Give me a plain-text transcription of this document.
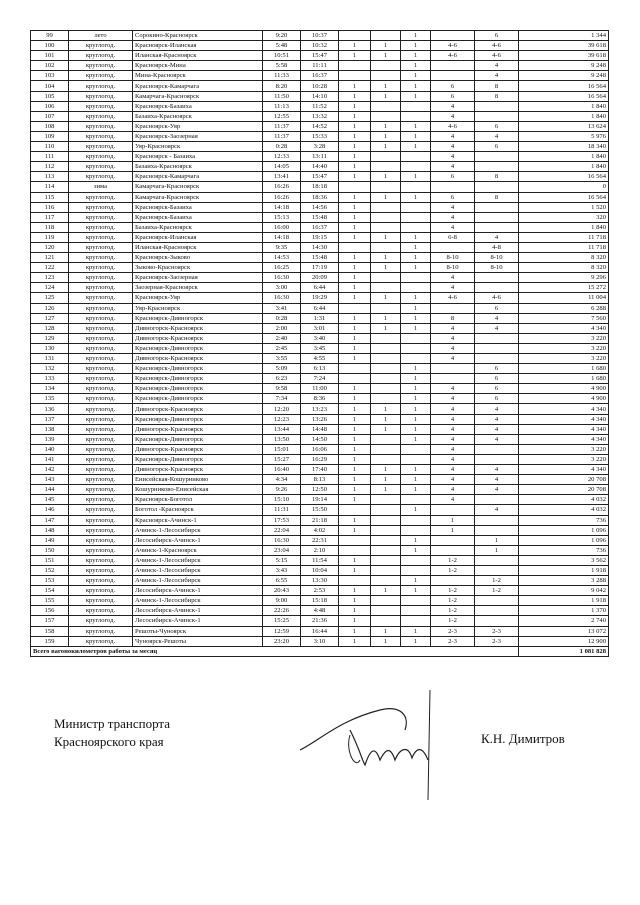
99	лето	Сорокино-Красноярск	9:20	10:37			1		6	1 344
100	круглогод.	Красноярск-Иланская	5:48	10:32	1	1	1	4-6	4-6	39 618
101	круглогод.	Иланская-Красноярск	10:51	15:47	1	1	1	4-6	4-6	39 618
102	круглогод.	Красноярск-Мина	5:58	11:11			1		4	9 248
103	круглогод.	Мина-Красноярск	11:33	16:37			1		4	9 248
104	круглогод.	Красноярск-Камарчага	8:20	10:28	1	1	1	6	8	16 564
105	круглогод.	Камарчага-Красноярск	11:50	14:10	1	1	1	6	8	16 564
106	круглогод.	Красноярск-Базаиха	11:13	11:52	1			4		1 840
107	круглогод.	Базаиха-Красноярск	12:55	13:32	1			4		1 840
108	круглогод.	Красноярск-Уяр	11:37	14:52	1	1	1	4-6	6	13 624
109	круглогод.	Красноярск-Заозерная	11:37	15:33	1	1	1	4	4	5 976
110	круглогод.	Уяр-Красноярск	0:28	3:28	1	1	1	4	6	18 340
111	круглогод.	Красноярск - Базаиха	12:33	13:11	1			4		1 840
112	круглогод.	Базаиха-Красноярск	14:05	14:40	1			4		1 840
113	круглогод.	Красноярск-Камарчага	13:41	15:47	1	1	1	6	8	16 564
114	зима	Камарчага-Красноярск	16:26	18:18						0
115	круглогод.	Камарчага-Красноярск	16:26	18:36	1	1	1	6	8	16 564
116	круглогод.	Красноярск-Базаиха	14:18	14:56	1			4		1 520
117	круглогод.	Красноярск-Базаиха	15:13	15:48	1			4		320
118	круглогод.	Базаиха-Красноярск	16:00	16:37	1			4		1 840
119	круглогод.	Красноярск-Иланская	14:18	19:15	1	1	1	6-8	4	11 718
120	круглогод.	Иланская-Красноярск	9:35	14:30			1		4-8	11 718
121	круглогод.	Красноярск-Зыково	14:53	15:48	1	1	1	8-10	8-10	8 320
122	круглогод.	Зыково-Красноярск	16:25	17:19	1	1	1	8-10	8-10	8 320
123	круглогод.	Красноярск-Заозерная	16:30	20:09	1			4		9 296
124	круглогод.	Заозерная-Красноярск	3:00	6:44	1			4		15 272
125	круглогод.	Красноярск-Уяр	16:30	19:29	1	1	1	4-6	4-6	11 004
126	круглогод.	Уяр-Красноярск	3:41	6:44			1		6	6 288
127	круглогод.	Красноярск-Дивногорск	0:28	1:31	1	1	1	8	4	7 560
128	круглогод.	Дивногорск-Красноярск	2:00	3:01	1	1	1	4	4	4 340
129	круглогод.	Дивногорск-Красноярск	2:40	3:40	1			4		3 220
130	круглогод.	Красноярск-Дивногорск	2:45	3:45	1			4		3 220
131	круглогод.	Дивногорск-Красноярск	3:55	4:55	1			4		3 220
132	круглогод.	Красноярск-Дивногорск	5:09	6:13			1		6	1 680
133	круглогод.	Красноярск-Дивногорск	6:23	7:24			1		6	1 680
134	круглогод.	Красноярск-Дивногорск	9:58	11:00	1		1	4	6	4 900
135	круглогод.	Красноярск-Дивногорск	7:34	8:36	1		1	4	6	4 900
136	круглогод.	Дивногорск-Красноярск	12:20	13:23	1	1	1	4	4	4 340
137	круглогод.	Красноярск-Дивногорск	12:23	13:26	1	1	1	4	4	4 340
138	круглогод.	Дивногорск-Красноярск	13:44	14:48	1	1	1	4	4	4 340
139	круглогод.	Красноярск-Дивногорск	13:50	14:50	1		1	4	4	4 340
140	круглогод.	Дивногорск-Красноярск	15:01	16:06	1			4		3 220
141	круглогод.	Красноярск-Дивногорск	15:27	16:29	1			4		3 220
142	круглогод.	Дивногорск-Красноярск	16:40	17:40	1	1	1	4	4	4 340
143	круглогод.	Енисейская-Кошурниково	4:34	8:13	1	1	1	4	4	20 708
144	круглогод.	Кошурниково-Енисейская	9:26	12:50	1	1	1	4	4	20 708
145	круглогод.	Красноярск-Боготол	15:10	19:14	1			4		4 032
146	круглогод.	Боготол -Красноярск	11:31	15:50			1		4	4 032
147	круглогод.	Красноярск-Ачинск-1	17:53	21:18	1			1		736
148	круглогод.	Ачинск-1-Лесосибирск	22:04	4:02	1			1		1 096
149	круглогод.	Лесосибирск-Ачинск-1	16:30	22:31			1		1	1 096
150	круглогод.	Ачинск-1-Красноярск	23:04	2:10			1		1	736
151	круглогод.	Ачинск-1-Лесосибирск	5:15	11:54	1			1-2		3 562
152	круглогод.	Ачинск-1-Лесосибирск	3:43	10:04	1			1-2		1 918
153	круглогод.	Ачинск-1-Лесосибирск	6:55	13:30			1		1-2	3 288
154	круглогод.	Лесосибирск-Ачинск-1	20:43	2:53	1	1	1	1-2	1-2	9 042
155	круглогод.	Ачинск-1-Лесосибирск	9:00	15:18	1			1-2		1 918
156	круглогод.	Лесосибирск-Ачинск-1	22:26	4:48	1			1-2		1 370
157	круглогод.	Лесосибирск-Ачинск-1	15:25	21:36	1			1-2		2 740
158	круглогод.	Решоты-Чуноярск	12:59	16:44	1	1	1	2-3	2-3	13 072
159	круглогод.	Чуноярск-Решоты	23:20	3:10	1	1	1	2-3	2-3	12 900
Всего вагонокилометров работы за месяц										1 081 828
Министр транспорта
Красноярского края	К.Н. Димитров
